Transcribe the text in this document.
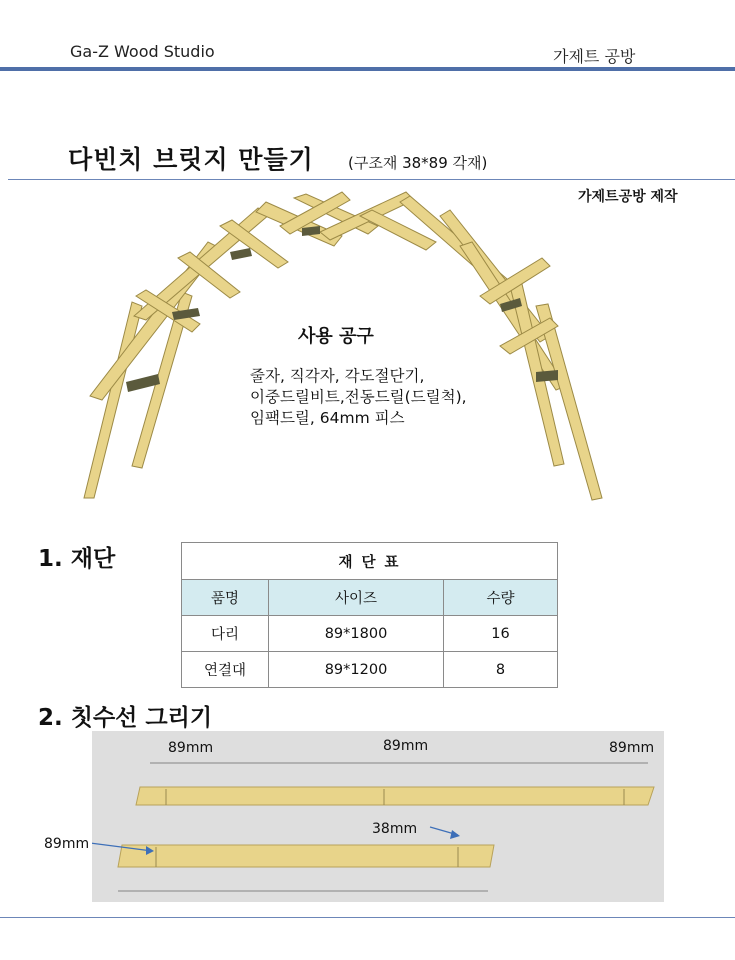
Ga-Z Wood Studio	가제트 공방
다빈치 브릿지 만들기 (구조재 38*89 각재)
가제트공방 제작
사용 공구
줄자, 직각자, 각도절단기,
이중드릴비트,전동드릴(드릴척),
임팩드릴, 64mm 피스
1. 재단	재 단 표		
품명	사이즈	수량
다리	89*1800	16
연결대	89*1200	8
2. 칫수선 그리기
89mm	89mm	89mm
89mm
38mm
